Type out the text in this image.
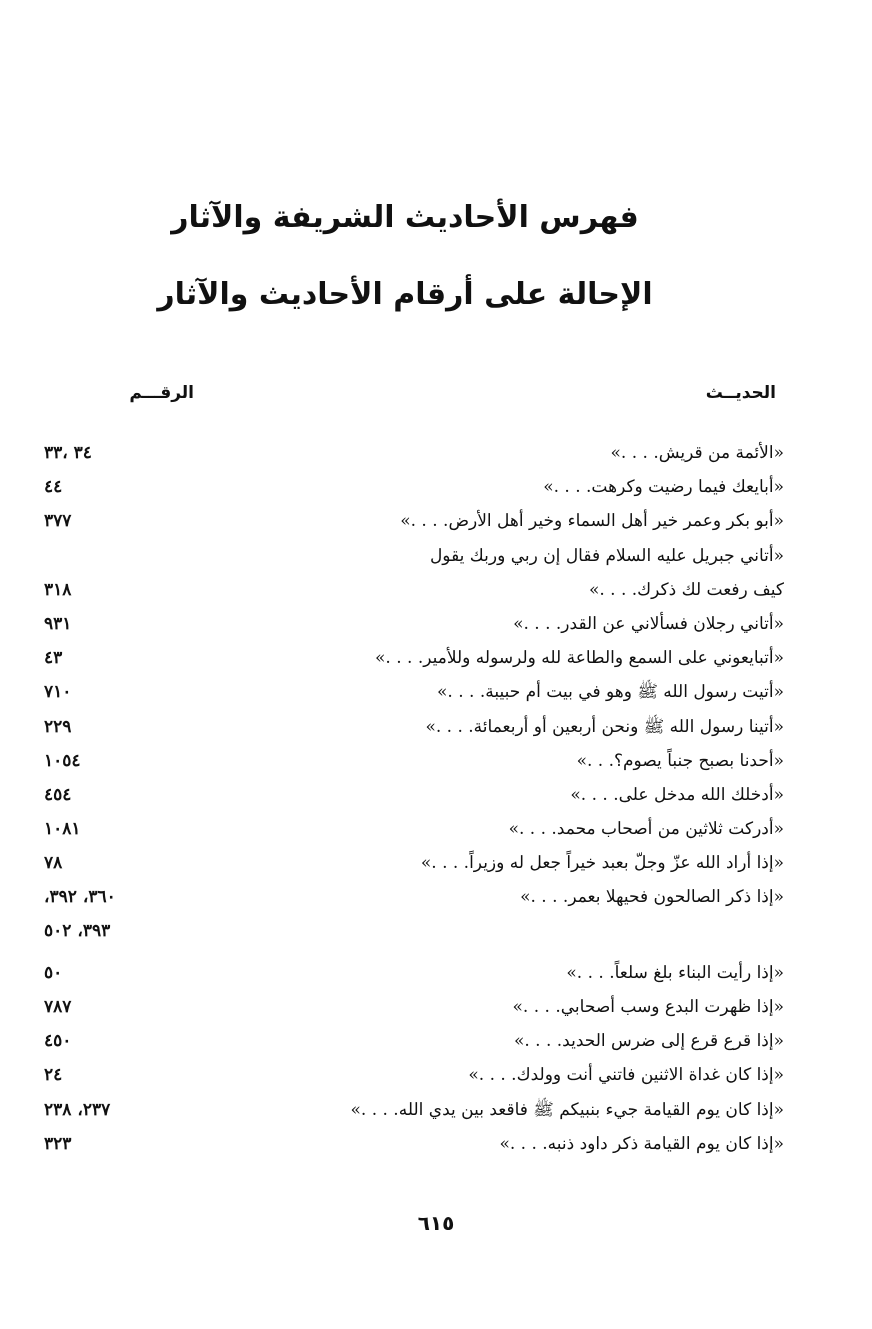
فهرس الأحاديث الشريفة والآثار
الإحالة على أرقام الأحاديث والآثار
الحديــث
الرقـــم
«الأئمة من قريش. . . .»
٣٤ ،٣٣
«أبايعك فيما رضيت وكرهت. . . .»
٤٤
«أبو بكر وعمر خير أهل السماء وخير أهل الأرض. . . .»
٣٧٧
«أتاني جبريل عليه السلام فقال إن ربي وربك يقول
كيف رفعت لك ذكرك. . . .»
٣١٨
«أتاني رجلان فسألاني عن القدر. . . .»
٩٣١
«أتبايعوني على السمع والطاعة لله ولرسوله وللأمير. . . .»
٤٣
«أتيت رسول الله ﷺ وهو في بيت أم حبيبة. . . .»
٧١٠
«أتينا رسول الله ﷺ ونحن أربعين أو أربعمائة. . . .»
٢٢٩
«أحدنا بصبح جنباً يصوم؟. . .»
١٠٥٤
«أدخلك الله مدخل على. . . .»
٤٥٤
«أدركت ثلاثين من أصحاب محمد. . . .»
١٠٨١
«إذا أراد الله عزّ وجلّ بعبد خيراً جعل له وزيراً. . . .»
٧٨
«إذا ذكر الصالحون فحيهلا بعمر. . . .»
٣٦٠، ٣٩٢،
٣٩٣، ٥٠٢
«إذا رأيت البناء بلغ سلعاً. . . .»
٥٠
«إذا ظهرت البدع وسب أصحابي. . . .»
٧٨٧
«إذا قرع قرع إلى ضرس الحديد. . . .»
٤٥٠
«إذا كان غداة الاثنين فاتني أنت وولدك. . . .»
٢٤
«إذا كان يوم القيامة جيء بنبيكم ﷺ فاقعد بين يدي الله. . . .»
٢٣٧، ٢٣٨
«إذا كان يوم القيامة ذكر داود ذنبه. . . .»
٣٢٣
٦١٥
